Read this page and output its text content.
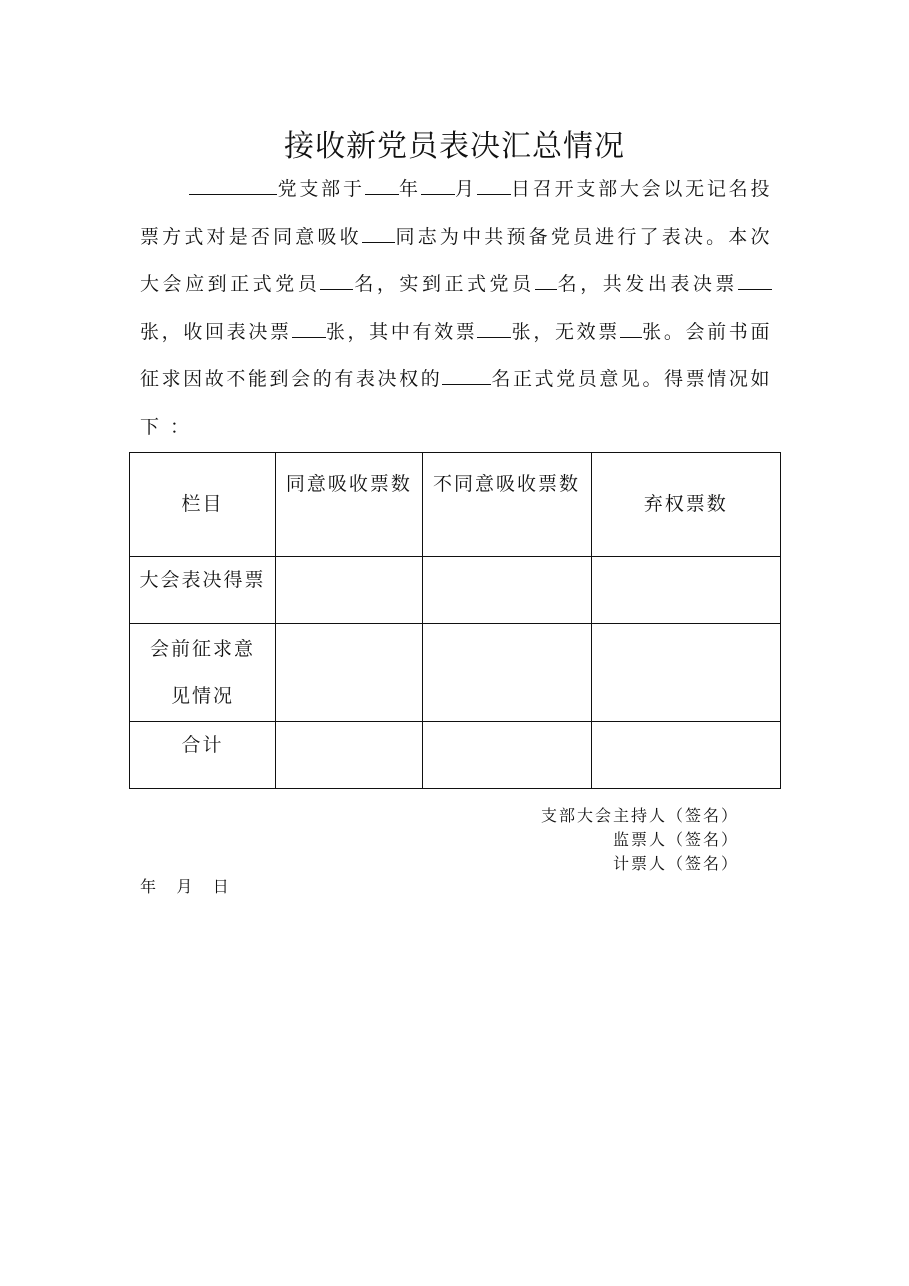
接收新党员表决汇总情况
党支部于 年 月 日召开支部大会以无记名投票方式对是否同意吸收 同志为中共预备党员进行了表决。本次大会应到正式党员 名，实到正式党员 名，共发出表决票张，收回表决票 张，其中有效票 张，无效票 张。会前书面征求因故不能到会的有表决权的	名正式党员意见。得票情况如下 ：
栏目	同意吸收票数	不同意吸收票数	弃权票数
大会表决得票			
会前征求意见情况			
合计			
支部大会主持人（签名）
监票人（签名）
计票人（签名）
年    月    日
